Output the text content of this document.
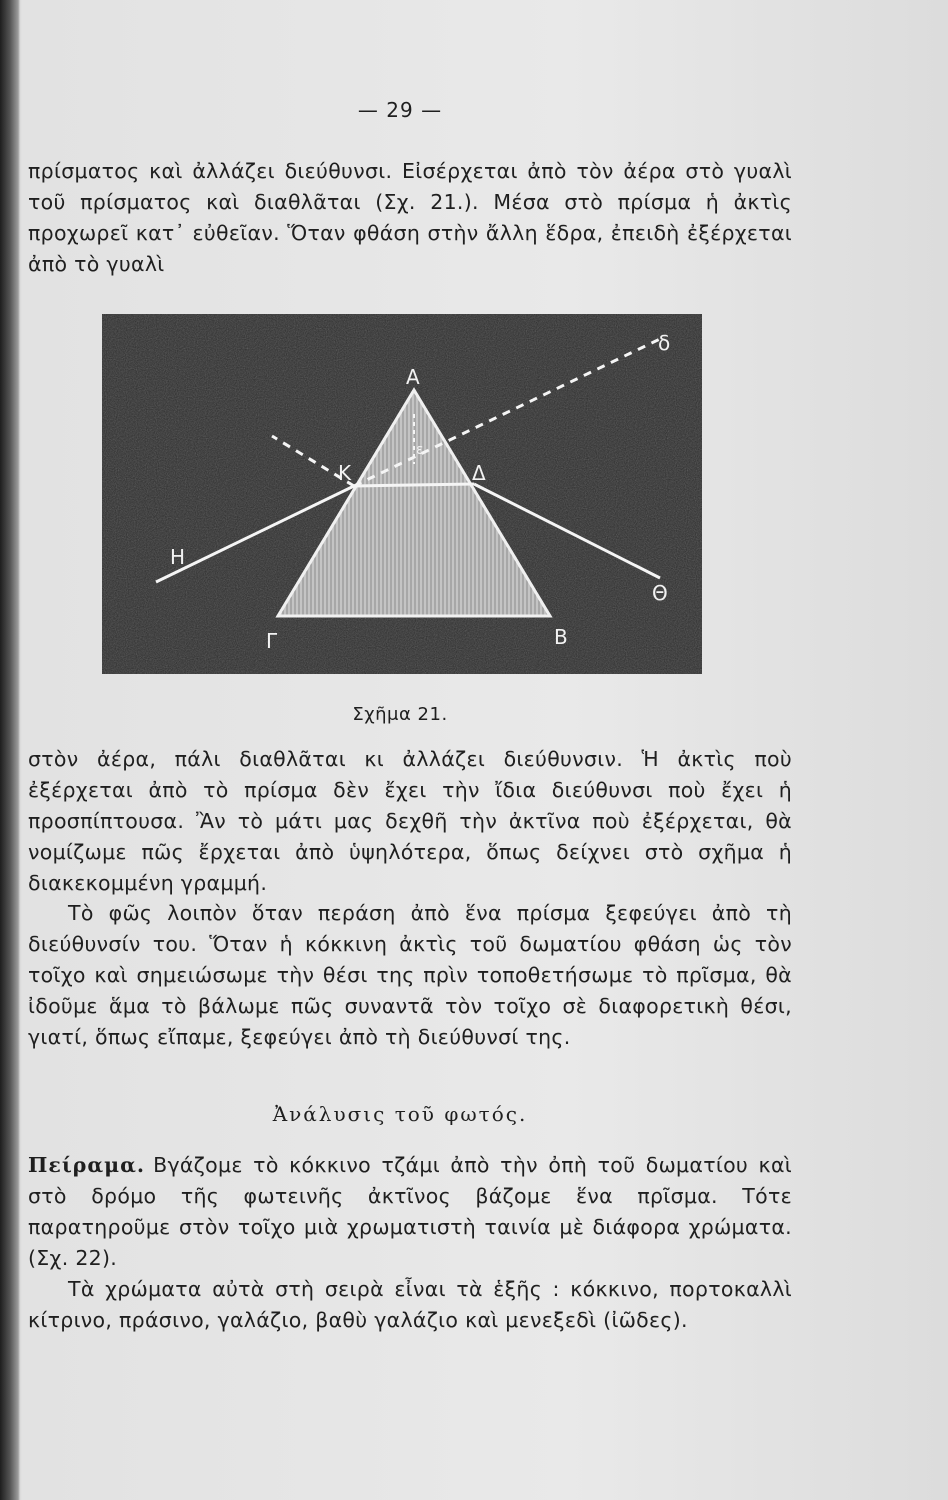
— 29 —

πρίσματος καὶ ἀλλάζει διεύθυνσι. Εἰσέρχεται ἀπὸ τὸν ἀέρα στὸ γυαλὶ τοῦ πρίσματος καὶ διαθλᾶται (Σχ. 21.). Μέσα στὸ πρίσμα ἡ ἀκτὶς προχωρεῖ κατ᾽ εὐθεῖαν. Ὅταν φθάση στὴν ἄλλη ἕδρα, ἐπειδὴ ἐξέρχεται ἀπὸ τὸ γυαλὶ

Α
Γ	Β
Κ	Δ
Η
Θ
δ
ε
Σχῆμα 21.

στὸν ἀέρα, πάλι διαθλᾶται κι ἀλλάζει διεύθυνσιν. Ἡ ἀκτὶς ποὺ ἐξέρχεται ἀπὸ τὸ πρίσμα δὲν ἔχει τὴν ἴδια διεύθυνσι ποὺ ἔχει ἡ προσπίπτουσα. Ἂν τὸ μάτι μας δεχθῆ τὴν ἀκτῖνα ποὺ ἐξέρχεται, θὰ νομίζωμε πῶς ἔρχεται ἀπὸ ὑψηλότερα, ὅπως δείχνει στὸ σχῆμα ἡ διακεκομμένη γραμμή.

Τὸ φῶς λοιπὸν ὅταν περάση ἀπὸ ἕνα πρίσμα ξεφεύγει ἀπὸ τὴ διεύθυνσίν του. Ὅταν ἡ κόκκινη ἀκτὶς τοῦ δωματίου φθάση ὡς τὸν τοῖχο καὶ σημειώσωμε τὴν θέσι της πρὶν τοποθετήσωμε τὸ πρῖσμα, θὰ ἰδοῦμε ἅμα τὸ βάλωμε πῶς συναντᾶ τὸν τοῖχο σὲ διαφορετικὴ θέσι, γιατί, ὅπως εἴπαμε, ξεφεύγει ἀπὸ τὴ διεύθυνσί της.

Ἀνάλυσις τοῦ φωτός.

Πείραμα. Βγάζομε τὸ κόκκινο τζάμι ἀπὸ τὴν ὀπὴ τοῦ δωματίου καὶ στὸ δρόμο τῆς φωτεινῆς ἀκτῖνος βάζομε ἕνα πρῖσμα. Τότε παρατηροῦμε στὸν τοῖχο μιὰ χρωματιστὴ ταινία μὲ διάφορα χρώματα. (Σχ. 22).

Τὰ χρώματα αὐτὰ στὴ σειρὰ εἶναι τὰ ἑξῆς : κόκκινο, πορτοκαλλὶ κίτρινο, πράσινο, γαλάζιο, βαθὺ γαλάζιο καὶ μενεξεδὶ (ἰῶδες).
